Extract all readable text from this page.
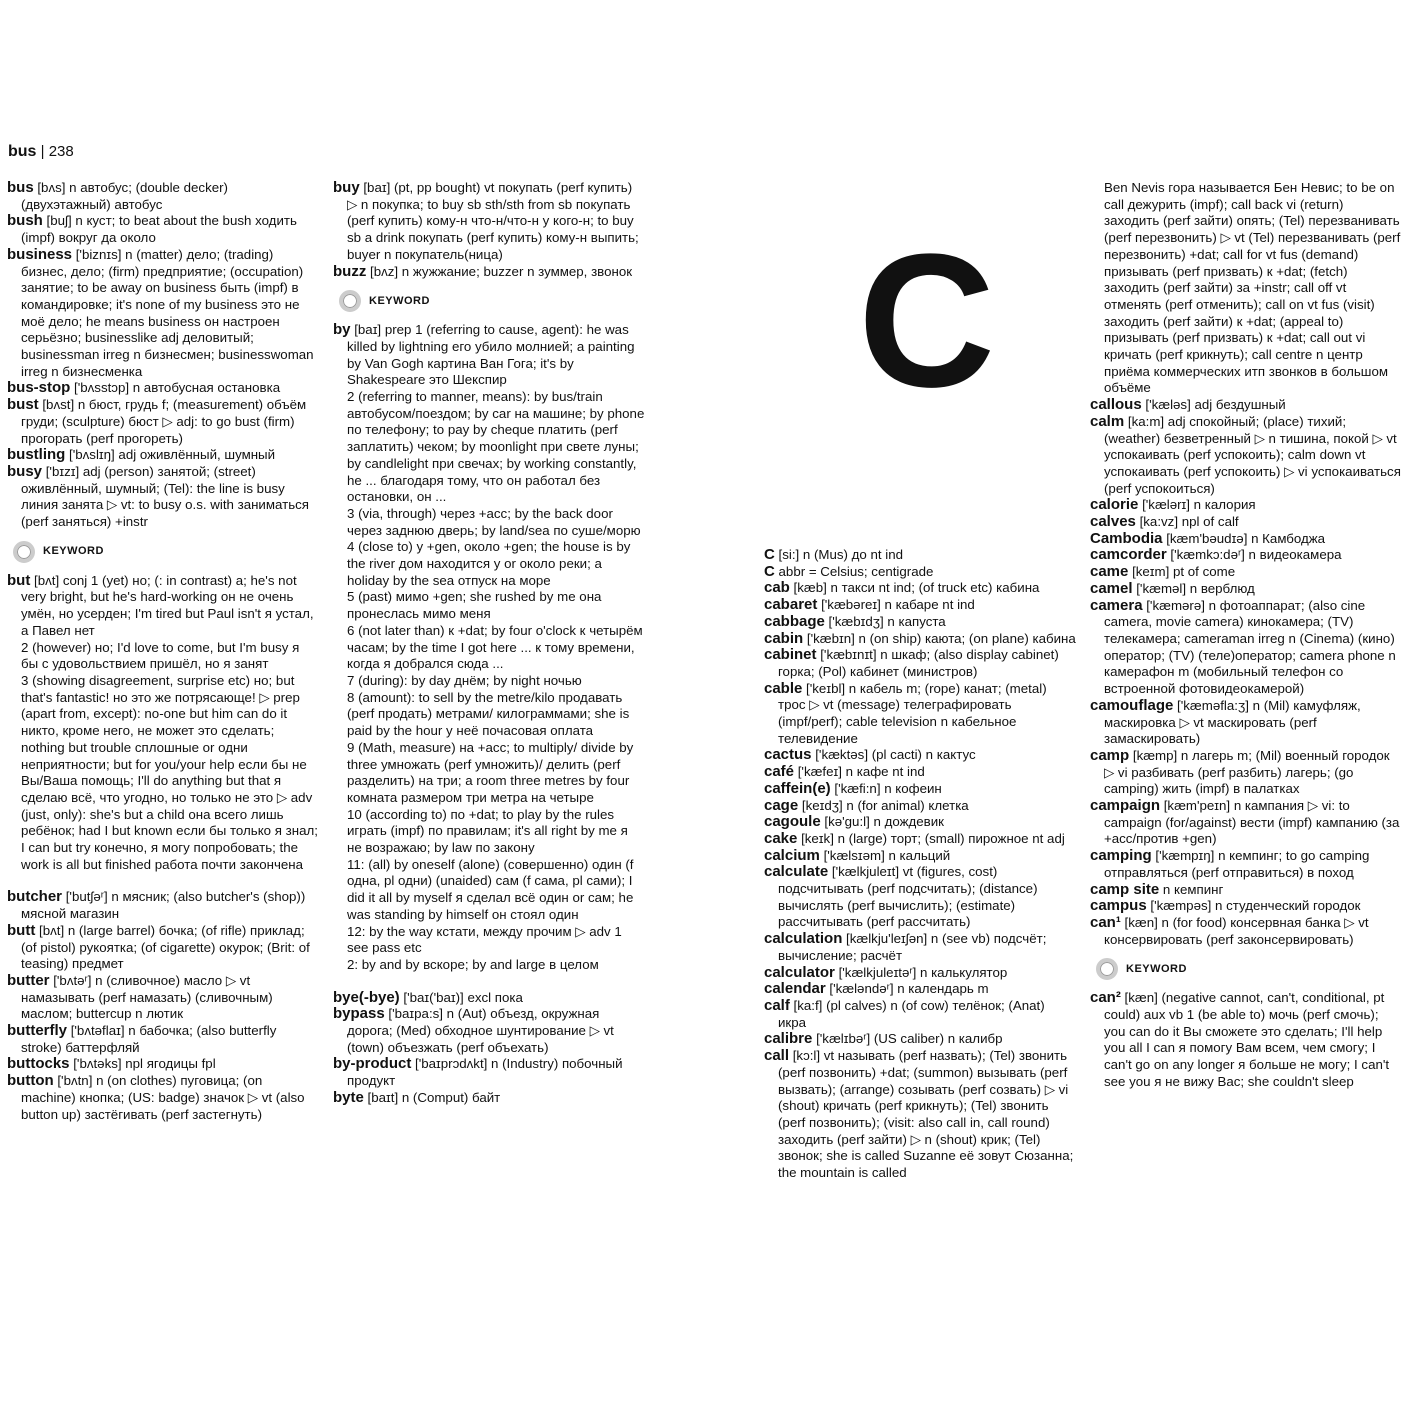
bus | 238
bus [bʌs] n автобус; (double decker) (двухэтажный) автобус
bush [buʃ] n куст; to beat about the bush ходить (impf) вокруг да около
business ['biznɪs] n (matter) дело; (trading) бизнес, дело; (firm) предприятие; (occupation) занятие; to be away on business быть (impf) в командировке; it's none of my business это не моё дело; he means business он настроен серьёзно; businesslike adj деловитый; businessman irreg n бизнесмен; businesswoman irreg n бизнесменка
bus-stop ['bʌsstɔp] n автобусная остановка
bust [bʌst] n бюст, грудь f; (measurement) объём груди; (sculpture) бюст ▷ adj: to go bust (firm) прогорать (perf прогореть)
bustling ['bʌslɪŋ] adj оживлённый, шумный
busy ['bɪzɪ] adj (person) занятой; (street) оживлённый, шумный; (Tel): the line is busy линия занята ▷ vt: to busy o.s. with заниматься (perf заняться) +instr
KEYWORD
but [bʌt] conj 1 (yet) но; (: in contrast) а; he's not very bright, but he's hard-working он не очень умён, но усерден; I'm tired but Paul isn't я устал, а Павел нет
2 (however) но; I'd love to come, but I'm busy я бы с удовольствием пришёл, но я занят
3 (showing disagreement, surprise etc) но; but that's fantastic! но это же потрясающе! ▷ prep (apart from, except): no-one but him can do it никто, кроме него, не может это сделать; nothing but trouble сплошные or одни неприятности; but for you/your help если бы не Вы/Ваша помощь; I'll do anything but that я сделаю всё, что угодно, но только не это ▷ adv (just, only): she's but a child она всего лишь ребёнок; had I but known если бы только я знал; I can but try конечно, я могу попробовать; the work is all but finished работа почти закончена
butcher ['butʃəʳ] n мясник; (also butcher's (shop)) мясной магазин
butt [bʌt] n (large barrel) бочка; (of rifle) приклад; (of pistol) рукоятка; (of cigarette) окурок; (Brit: of teasing) предмет
butter ['bʌtəʳ] n (сливочное) масло ▷ vt намазывать (perf намазать) (сливочным) маслом; buttercup n лютик
butterfly ['bʌtəflaɪ] n бабочка; (also butterfly stroke) баттерфляй
buttocks ['bʌtəks] npl ягодицы fpl
button ['bʌtn] n (on clothes) пуговица; (on machine) кнопка; (US: badge) значок ▷ vt (also button up) застёгивать (perf застегнуть)
buy [baɪ] (pt, pp bought) vt покупать (perf купить) ▷ n покупка; to buy sb sth/sth from sb покупать (perf купить) кому-н что-н/что-н у кого-н; to buy sb a drink покупать (perf купить) кому-н выпить; buyer n покупатель(ница)
buzz [bʌz] n жужжание; buzzer n зуммер, звонок
KEYWORD
by [baɪ] prep 1 (referring to cause, agent): he was killed by lightning его убило молнией; a painting by Van Gogh картина Ван Гога; it's by Shakespeare это Шекспир
2 (referring to manner, means): by bus/train автобусом/поездом; by car на машине; by phone по телефону; to pay by cheque платить (perf заплатить) чеком; by moonlight при свете луны; by candlelight при свечах; by working constantly, he ... благодаря тому, что он работал без остановки, он ...
3 (via, through) через +acc; by the back door через заднюю дверь; by land/sea по суше/морю
4 (close to) у +gen, около +gen; the house is by the river дом находится у or около реки; a holiday by the sea отпуск на море
5 (past) мимо +gen; she rushed by me она пронеслась мимо меня
6 (not later than) к +dat; by four o'clock к четырём часам; by the time I got here ... к тому времени, когда я добрался сюда ...
7 (during): by day днём; by night ночью
8 (amount): to sell by the metre/kilo продавать (perf продать) метрами/ килограммами; she is paid by the hour у неё почасовая оплата
9 (Math, measure) на +acc; to multiply/ divide by three умножать (perf умножить)/ делить (perf разделить) на три; a room three metres by four комната размером три метра на четыре
10 (according to) по +dat; to play by the rules играть (impf) по правилам; it's all right by me я не возражаю; by law по закону
11: (all) by oneself (alone) (совершенно) один (f одна, pl одни) (unaided) сам (f сама, pl сами); I did it all by myself я сделал всё один or сам; he was standing by himself он стоял один
12: by the way кстати, между прочим ▷ adv 1 see pass etc
2: by and by вскоре; by and large в целом
bye(-bye) ['baɪ('baɪ)] excl пока
bypass ['baɪpa:s] n (Aut) объезд, окружная дорога; (Med) обходное шунтирование ▷ vt (town) объезжать (perf объехать)
by-product ['baɪprɔdʌkt] n (Industry) побочный продукт
byte [baɪt] n (Comput) байт
C
C [si:] n (Mus) до nt ind
C abbr = Celsius; centigrade
cab [kæb] n такси nt ind; (of truck etc) кабина
cabaret ['kæbəreɪ] n кабаре nt ind
cabbage ['kæbɪdʒ] n капуста
cabin ['kæbɪn] n (on ship) каюта; (on plane) кабина
cabinet ['kæbɪnɪt] n шкаф; (also display cabinet) горка; (Pol) кабинет (министров)
cable ['keɪbl] n кабель m; (rope) канат; (metal) трос ▷ vt (message) телеграфировать (impf/perf); cable television n кабельное телевидение
cactus ['kæktəs] (pl cacti) n кактус
café ['kæfeɪ] n кафе nt ind
caffein(e) ['kæfi:n] n кофеин
cage [keɪdʒ] n (for animal) клетка
cagoule [kə'gu:l] n дождевик
cake [keɪk] n (large) торт; (small) пирожное nt adj
calcium ['kælsɪəm] n кальций
calculate ['kælkjuleɪt] vt (figures, cost) подсчитывать (perf подсчитать); (distance) вычислять (perf вычислить); (estimate) рассчитывать (perf рассчитать)
calculation [kælkju'leɪʃən] n (see vb) подсчёт; вычисление; расчёт
calculator ['kælkjuleɪtəʳ] n калькулятор
calendar ['kæləndəʳ] n календарь m
calf [ka:f] (pl calves) n (of cow) телёнок; (Anat) икра
calibre ['kælɪbəʳ] (US caliber) n калибр
call [kɔ:l] vt называть (perf назвать); (Tel) звонить (perf позвонить) +dat; (summon) вызывать (perf вызвать); (arrange) созывать (perf созвать) ▷ vi (shout) кричать (perf крикнуть); (Tel) звонить (perf позвонить); (visit: also call in, call round) заходить (perf зайти) ▷ n (shout) крик; (Tel) звонок; she is called Suzanne её зовут Сюзанна; the mountain is called
Ben Nevis гора называется Бен Невис; to be on call дежурить (impf); call back vi (return) заходить (perf зайти) опять; (Tel) перезванивать (perf перезвонить) ▷ vt (Tel) перезванивать (perf перезвонить) +dat; call for vt fus (demand) призывать (perf призвать) к +dat; (fetch) заходить (perf зайти) за +instr; call off vt отменять (perf отменить); call on vt fus (visit) заходить (perf зайти) к +dat; (appeal to) призывать (perf призвать) к +dat; call out vi кричать (perf крикнуть); call centre n центр приёма коммерческих итп звонков в большом объёме
callous ['kæləs] adj бездушный
calm [ka:m] adj спокойный; (place) тихий; (weather) безветренный ▷ n тишина, покой ▷ vt успокаивать (perf успокоить); calm down vt успокаивать (perf успокоить) ▷ vi успокаиваться (perf успокоиться)
calorie ['kælərɪ] n калория
calves [ka:vz] npl of calf
Cambodia [kæm'bəudɪə] n Камбоджа
camcorder ['kæmkɔ:dəʳ] n видеокамера
came [keɪm] pt of come
camel ['kæməl] n верблюд
camera ['kæmərə] n фотоаппарат; (also cine camera, movie camera) кинокамера; (TV) телекамера; cameraman irreg n (Cinema) (кино) оператор; (TV) (теле)оператор; camera phone n камерафон m (мобильный телефон со встроенной фотовидеокамерой)
camouflage ['kæməfla:ʒ] n (Mil) камуфляж, маскировка ▷ vt маскировать (perf замаскировать)
camp [kæmp] n лагерь m; (Mil) военный городок ▷ vi разбивать (perf разбить) лагерь; (go camping) жить (impf) в палатках
campaign [kæm'peɪn] n кампания ▷ vi: to campaign (for/against) вести (impf) кампанию (за +acc/против +gen)
camping ['kæmpɪŋ] n кемпинг; to go camping отправляться (perf отправиться) в поход
camp site n кемпинг
campus ['kæmpəs] n студенческий городок
can¹ [kæn] n (for food) консервная банка ▷ vt консервировать (perf законсервировать)
KEYWORD
can² [kæn] (negative cannot, can't, conditional, pt could) aux vb 1 (be able to) мочь (perf смочь); you can do it Вы сможете это сделать; I'll help you all I can я помогу Вам всем, чем смогу; I can't go on any longer я больше не могу; I can't see you я не вижу Вас; she couldn't sleep
